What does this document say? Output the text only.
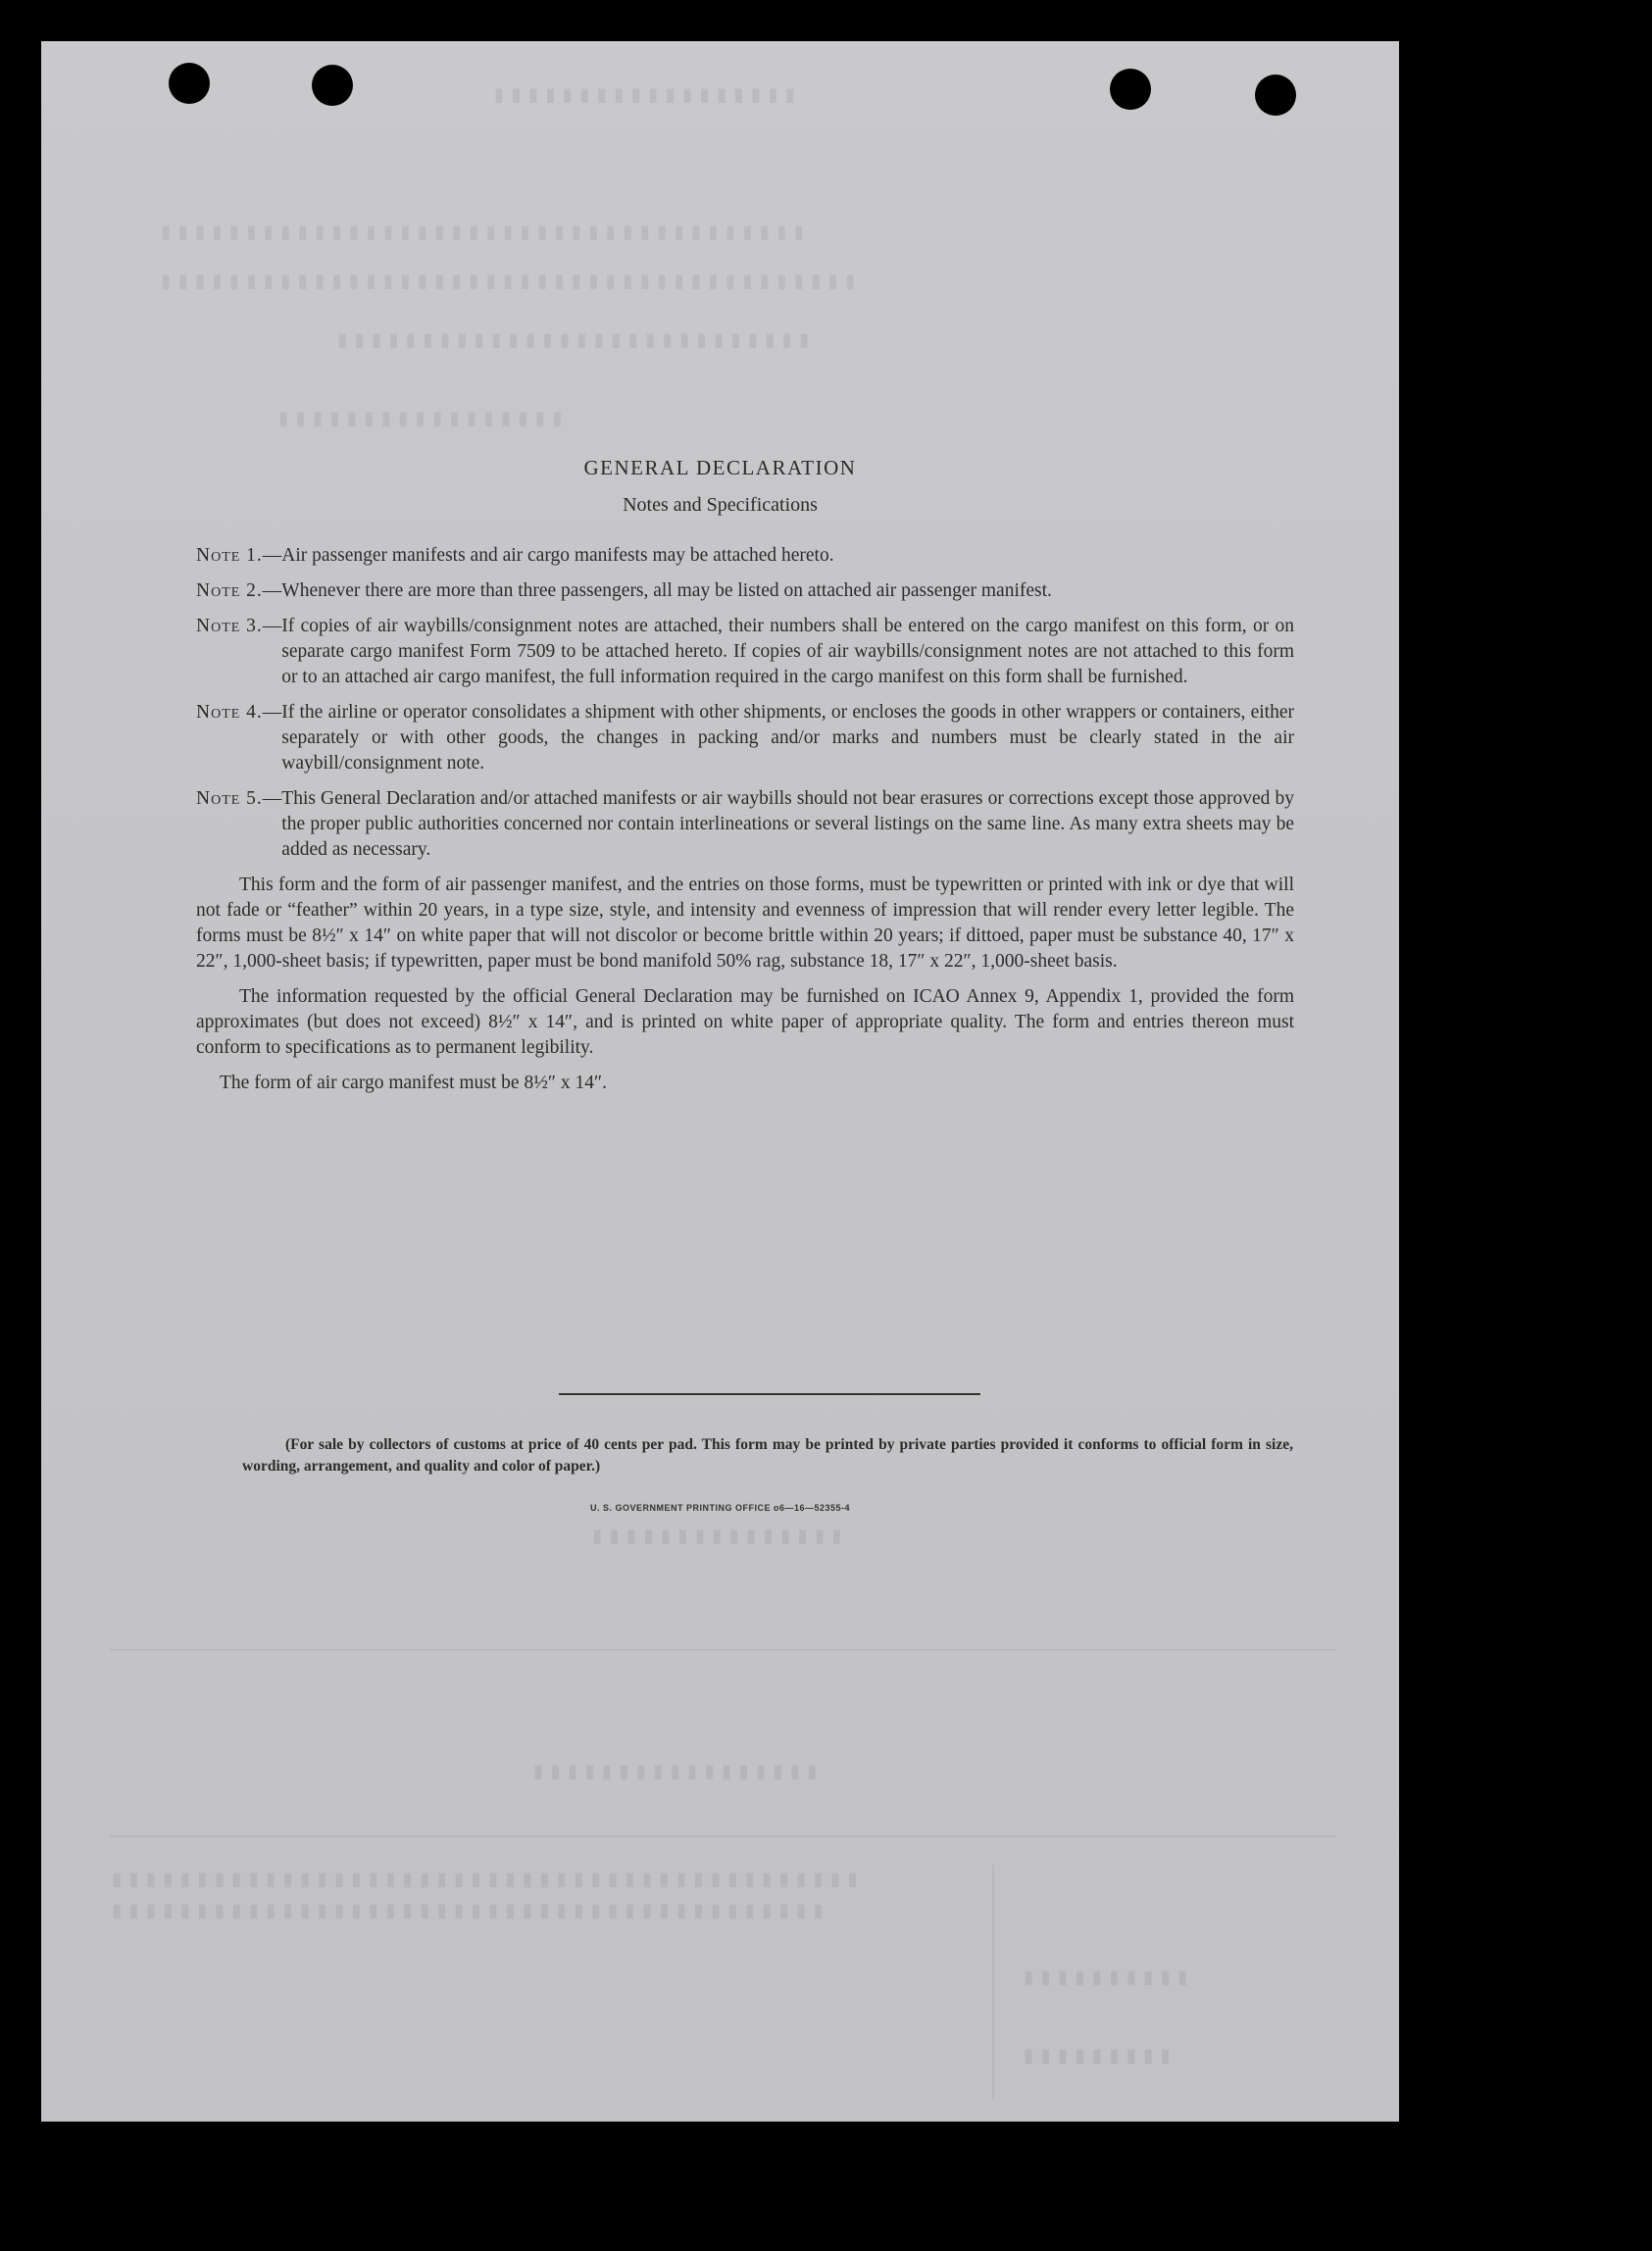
▮▮▮▮▮▮▮▮▮▮▮▮▮▮▮▮▮▮
▮▮▮▮▮▮▮▮▮▮▮▮▮▮▮▮▮▮▮▮▮▮▮▮▮▮▮▮▮▮▮▮▮▮▮▮▮▮
▮▮▮▮▮▮▮▮▮▮▮▮▮▮▮▮▮▮▮▮▮▮▮▮▮▮▮▮▮▮▮▮▮▮▮▮▮▮▮▮▮
▮▮▮▮▮▮▮▮▮▮▮▮▮▮▮▮▮▮▮▮▮▮▮▮▮▮▮▮
▮▮▮▮▮▮▮▮▮▮▮▮▮▮▮▮▮
▮▮▮▮▮▮▮▮▮▮▮▮▮▮▮
▮▮▮▮▮▮▮▮▮▮▮▮▮▮▮▮▮
▮▮▮▮▮▮▮▮▮▮▮▮▮▮▮▮▮▮▮▮▮▮▮▮▮▮▮▮▮▮▮▮▮▮▮▮▮▮▮▮▮▮▮▮
▮▮▮▮▮▮▮▮▮▮▮▮▮▮▮▮▮▮▮▮▮▮▮▮▮▮▮▮▮▮▮▮▮▮▮▮▮▮▮▮▮▮
▮▮▮▮▮▮▮▮▮▮
▮▮▮▮▮▮▮▮▮
GENERAL DECLARATION
Notes and Specifications
Note 1.— Air passenger manifests and air cargo manifests may be attached hereto.
Note 2.— Whenever there are more than three passengers, all may be listed on attached air passenger manifest.
Note 3.— If copies of air waybills/consignment notes are attached, their numbers shall be entered on the cargo manifest on this form, or on separate cargo manifest Form 7509 to be attached hereto. If copies of air waybills/consignment notes are not attached to this form or to an attached air cargo manifest, the full information required in the cargo manifest on this form shall be furnished.
Note 4.— If the airline or operator consolidates a shipment with other shipments, or encloses the goods in other wrappers or containers, either separately or with other goods, the changes in packing and/or marks and numbers must be clearly stated in the air waybill/consignment note.
Note 5.— This General Declaration and/or attached manifests or air waybills should not bear erasures or corrections except those approved by the proper public authorities concerned nor contain interlineations or several listings on the same line. As many extra sheets may be added as necessary.

This form and the form of air passenger manifest, and the entries on those forms, must be typewritten or printed with ink or dye that will not fade or “feather” within 20 years, in a type size, style, and intensity and evenness of impression that will render every letter legible. The forms must be 8½″ x 14″ on white paper that will not discolor or become brittle within 20 years; if dittoed, paper must be substance 40, 17″ x 22″, 1,000-sheet basis; if typewritten, paper must be bond manifold 50% rag, substance 18, 17″ x 22″, 1,000-sheet basis.

The information requested by the official General Declaration may be furnished on ICAO Annex 9, Appendix 1, provided the form approximates (but does not exceed) 8½″ x 14″, and is printed on white paper of appropriate quality. The form and entries thereon must conform to specifications as to permanent legibility.

The form of air cargo manifest must be 8½″ x 14″.

(For sale by collectors of customs at price of 40 cents per pad. This form may be printed by private parties provided it conforms to official form in size, wording, arrangement, and quality and color of paper.)
U. S. GOVERNMENT PRINTING OFFICE o6—16—52355-4
